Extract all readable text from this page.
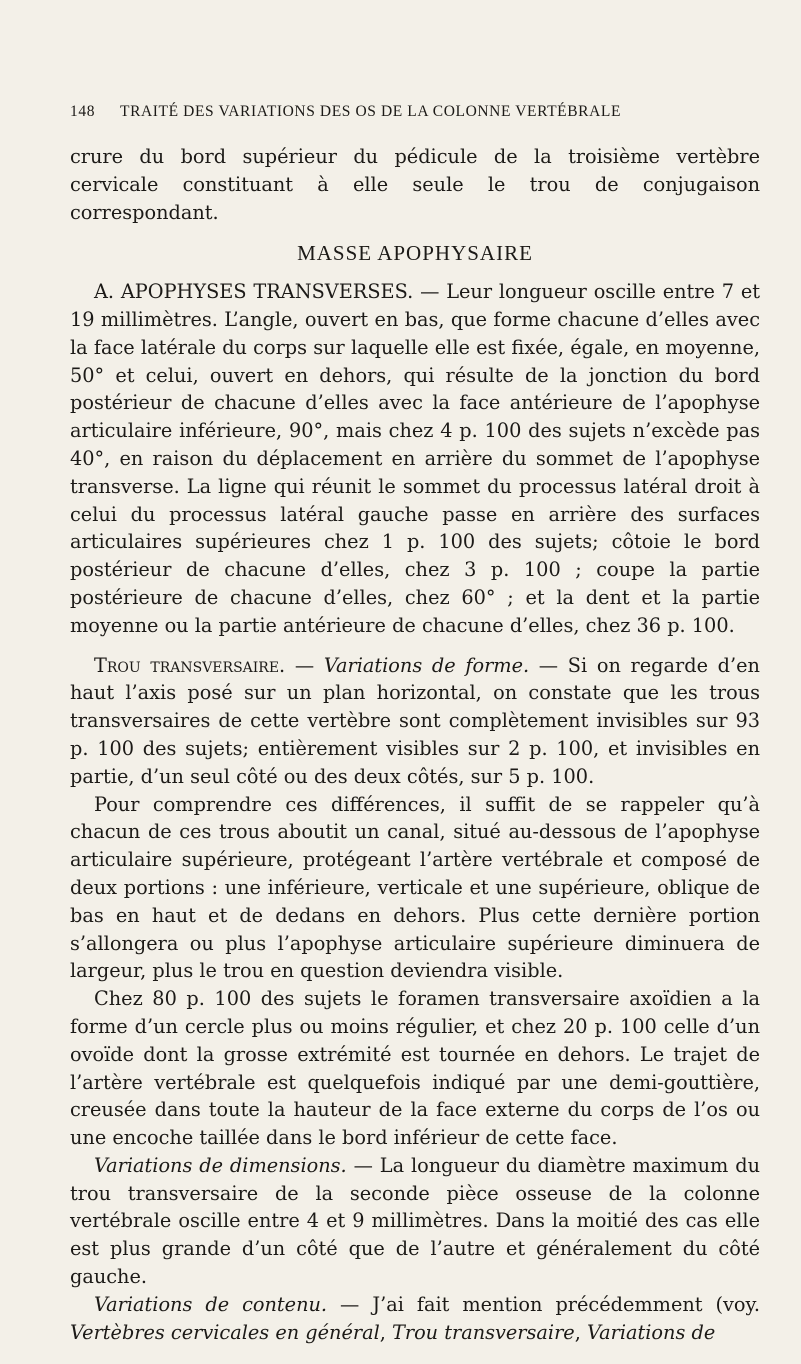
148 TRAITÉ DES VARIATIONS DES OS DE LA COLONNE VERTÉBRALE

crure du bord supérieur du pédicule de la troisième vertèbre cervicale constituant à elle seule le trou de conjugaison correspondant.

MASSE APOPHYSAIRE

A. APOPHYSES TRANSVERSES. — Leur longueur oscille entre 7 et 19 millimètres. L’angle, ouvert en bas, que forme chacune d’elles avec la face latérale du corps sur laquelle elle est fixée, égale, en moyenne, 50° et celui, ouvert en dehors, qui résulte de la jonction du bord postérieur de chacune d’elles avec la face antérieure de l’apophyse articulaire inférieure, 90°, mais chez 4 p. 100 des sujets n’excède pas 40°, en raison du déplacement en arrière du sommet de l’apophyse transverse. La ligne qui réunit le sommet du processus latéral droit à celui du processus latéral gauche passe en arrière des surfaces articulaires supérieures chez 1 p. 100 des sujets; côtoie le bord postérieur de chacune d’elles, chez 3 p. 100 ; coupe la partie postérieure de chacune d’elles, chez 60° ; et la dent et la partie moyenne ou la partie antérieure de chacune d’elles, chez 36 p. 100.

Trou transversaire. — Variations de forme. — Si on regarde d’en haut l’axis posé sur un plan horizontal, on constate que les trous transversaires de cette vertèbre sont complètement invisibles sur 93 p. 100 des sujets; entièrement visibles sur 2 p. 100, et invisibles en partie, d’un seul côté ou des deux côtés, sur 5 p. 100.

Pour comprendre ces différences, il suffit de se rappeler qu’à chacun de ces trous aboutit un canal, situé au-dessous de l’apophyse articulaire supérieure, protégeant l’artère vertébrale et composé de deux portions : une inférieure, verticale et une supérieure, oblique de bas en haut et de dedans en dehors. Plus cette dernière portion s’allongera ou plus l’apophyse articulaire supérieure diminuera de largeur, plus le trou en question deviendra visible.

Chez 80 p. 100 des sujets le foramen transversaire axoïdien a la forme d’un cercle plus ou moins régulier, et chez 20 p. 100 celle d’un ovoïde dont la grosse extrémité est tournée en dehors. Le trajet de l’artère vertébrale est quelquefois indiqué par une demi-gouttière, creusée dans toute la hauteur de la face externe du corps de l’os ou une encoche taillée dans le bord inférieur de cette face.

Variations de dimensions. — La longueur du diamètre maximum du trou transversaire de la seconde pièce osseuse de la colonne vertébrale oscille entre 4 et 9 millimètres. Dans la moitié des cas elle est plus grande d’un côté que de l’autre et généralement du côté gauche.

Variations de contenu. — J’ai fait mention précédemment (voy. Vertèbres cervicales en général, Trou transversaire, Variations de
